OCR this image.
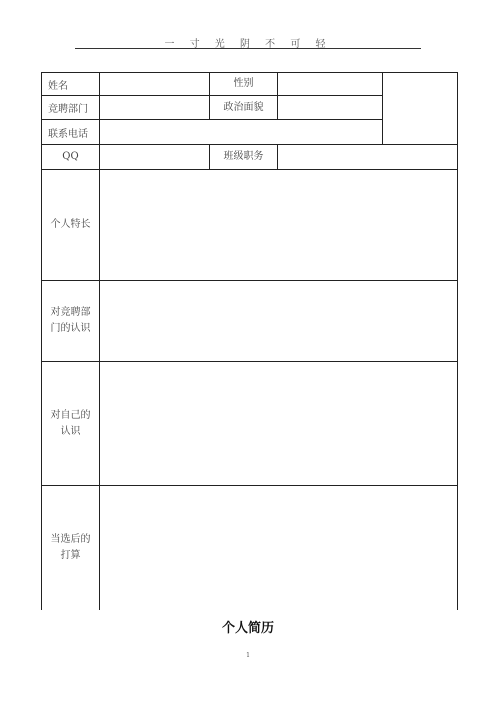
一 寸 光 阴 不 可 轻
姓名	性别
竞聘部门	政治面貌
联系电话
QQ	班级职务
个人特长
对竞聘部
门的认识
对自己的
认识
当选后的
打算
个人简历
1
